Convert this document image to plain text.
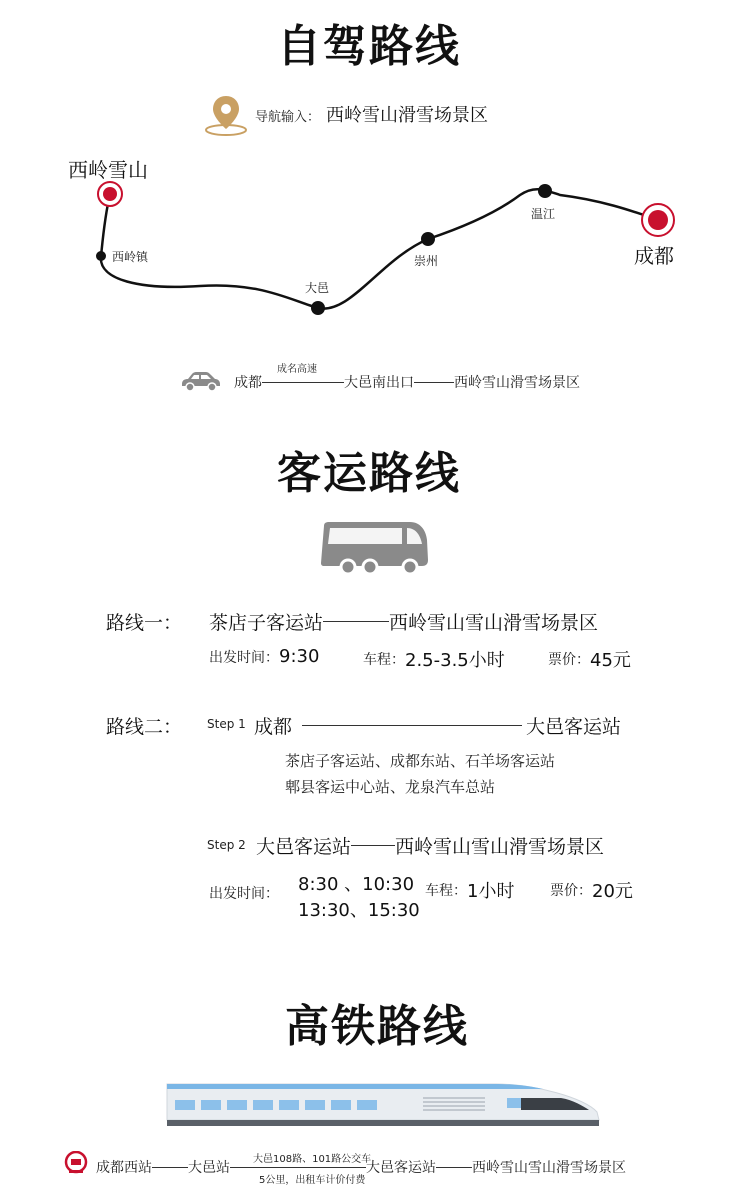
自驾路线
导航输入： 西岭雪山滑雪场景区
西岭雪山
成都
西岭镇
大邑
崇州
温江
成名高速
成都	大邑南出口	西岭雪山滑雪场景区
客运路线
路线一： 茶店子客运站	西岭雪山雪山滑雪场景区
出发时间： 9:30	车程： 2.5-3.5小时	票价： 45元
路线二： Step 1 成都	大邑客运站
茶店子客运站、成都东站、石羊场客运站
郫县客运中心站、龙泉汽车总站
Step 2 大邑客运站 西岭雪山雪山滑雪场景区
出发时间： 8:30 、10:30
13:30、15:30
车程： 1小时	票价： 20元
高铁路线
成都西站	大邑站	大邑客运站	西岭雪山雪山滑雪场景区
大邑108路、101路公交车
5公里，出租车计价付费
